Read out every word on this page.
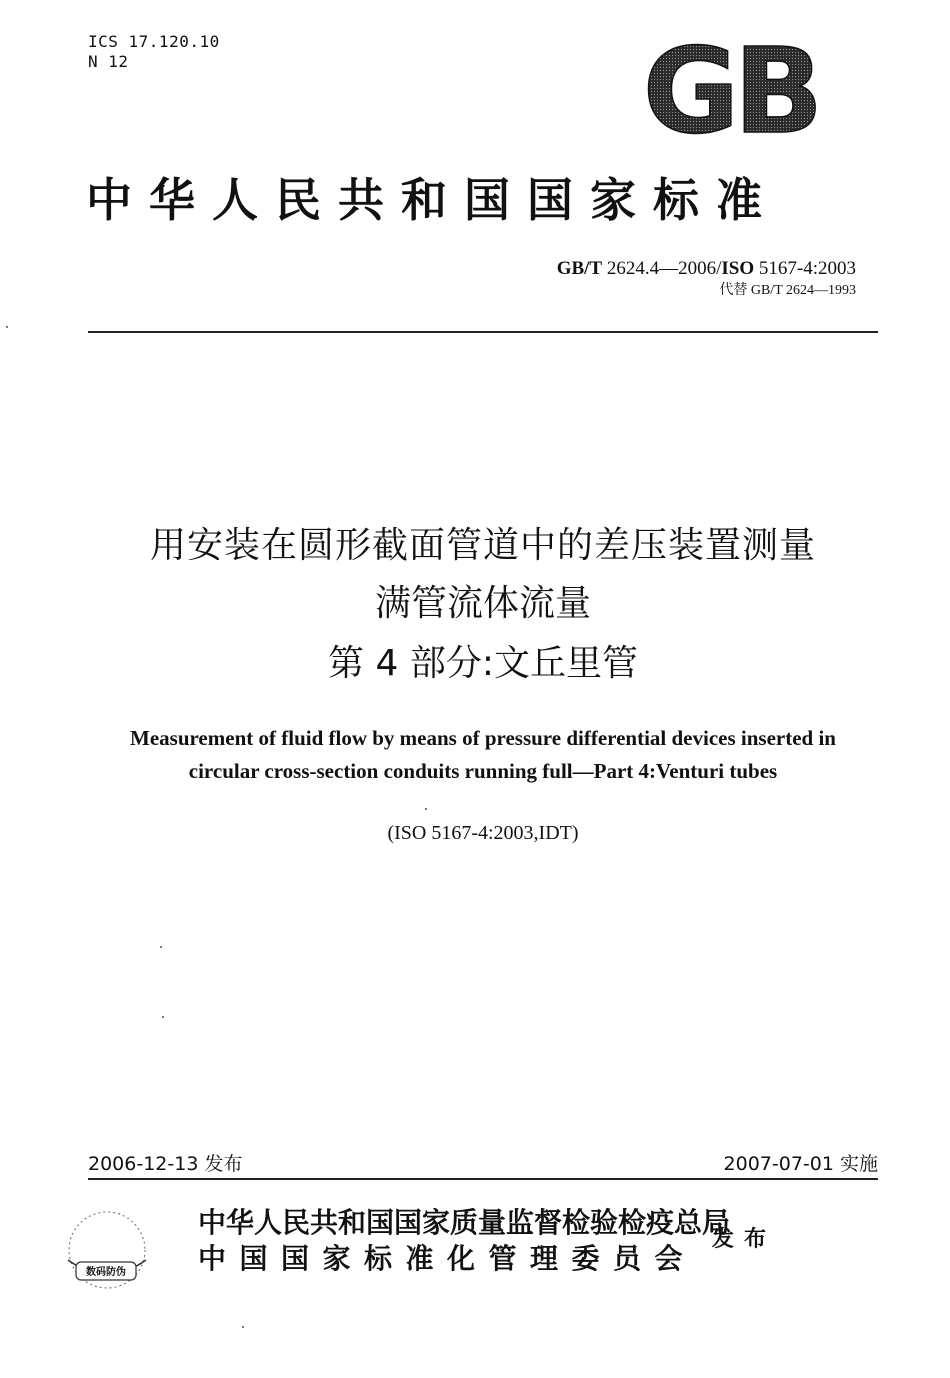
ICS 17.120.10
N 12	GB
中华人民共和国国家标准
GB/T 2624.4—2006/ISO 5167-4:2003
代替 GB/T 2624—1993
用安装在圆形截面管道中的差压装置测量
满管流体流量
第 4 部分:文丘里管
Measurement of fluid flow by means of pressure differential devices inserted in
circular cross-section conduits running full—Part 4:Venturi tubes
(ISO 5167-4:2003,IDT)
2006-12-13 发布	2007-07-01 实施
数码防伪
中华人民共和国国家质量监督检验检疫总局
中国国家标准化管理委员会
发布
